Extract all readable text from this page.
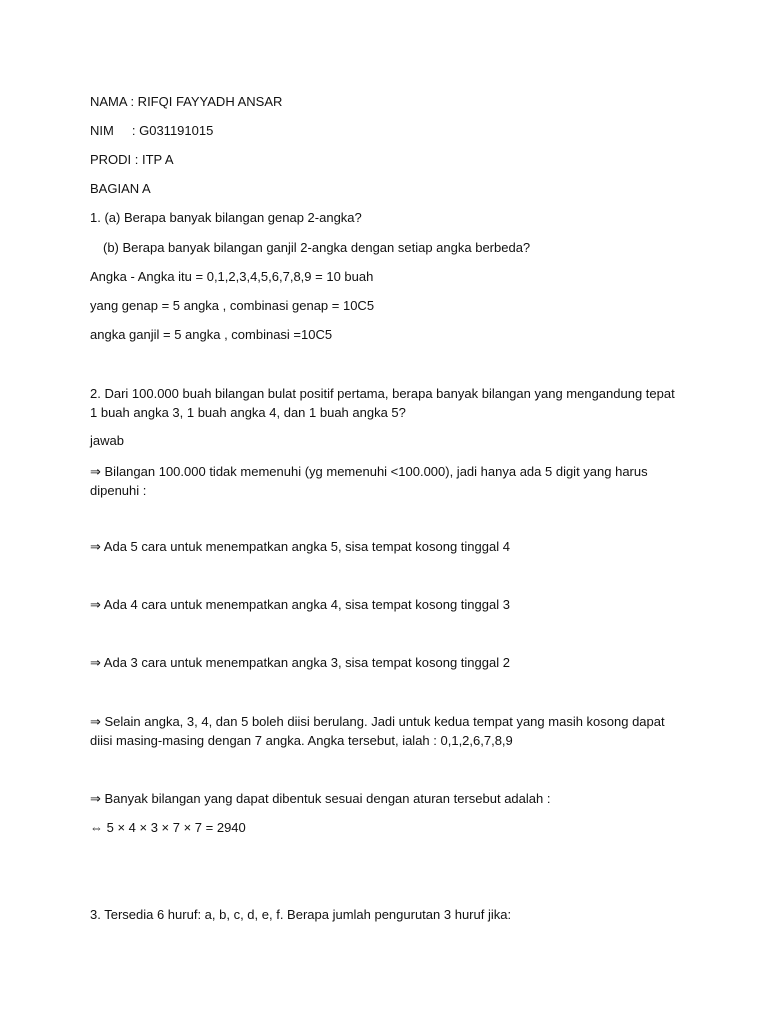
NAMA : RIFQI FAYYADH ANSAR
NIM     : G031191015
PRODI : ITP A
BAGIAN A
1. (a) Berapa banyak bilangan genap 2-angka?
(b) Berapa banyak bilangan ganjil 2-angka dengan setiap angka berbeda?
Angka - Angka itu = 0,1,2,3,4,5,6,7,8,9 = 10 buah
yang genap = 5 angka , combinasi genap = 10C5
angka ganjil = 5 angka , combinasi =10C5
2. Dari 100.000 buah bilangan bulat positif pertama, berapa banyak bilangan yang mengandung tepat 1 buah angka 3, 1 buah angka 4, dan 1 buah angka 5?
jawab
⇒ Bilangan 100.000 tidak memenuhi (yg memenuhi <100.000), jadi hanya ada 5 digit yang harus dipenuhi :
⇒ Ada 5 cara untuk menempatkan angka 5, sisa tempat kosong tinggal 4
⇒ Ada 4 cara untuk menempatkan angka 4, sisa tempat kosong tinggal 3
⇒ Ada 3 cara untuk menempatkan angka 3, sisa tempat kosong tinggal 2
⇒ Selain angka, 3, 4, dan 5 boleh diisi berulang. Jadi untuk kedua tempat yang masih kosong dapat diisi masing-masing dengan 7 angka. Angka tersebut, ialah : 0,1,2,6,7,8,9
⇒ Banyak bilangan yang dapat dibentuk sesuai dengan aturan tersebut adalah :
⇔ 5 × 4 × 3 × 7 × 7 = 2940
3. Tersedia 6 huruf: a, b, c, d, e, f. Berapa jumlah pengurutan 3 huruf jika:
